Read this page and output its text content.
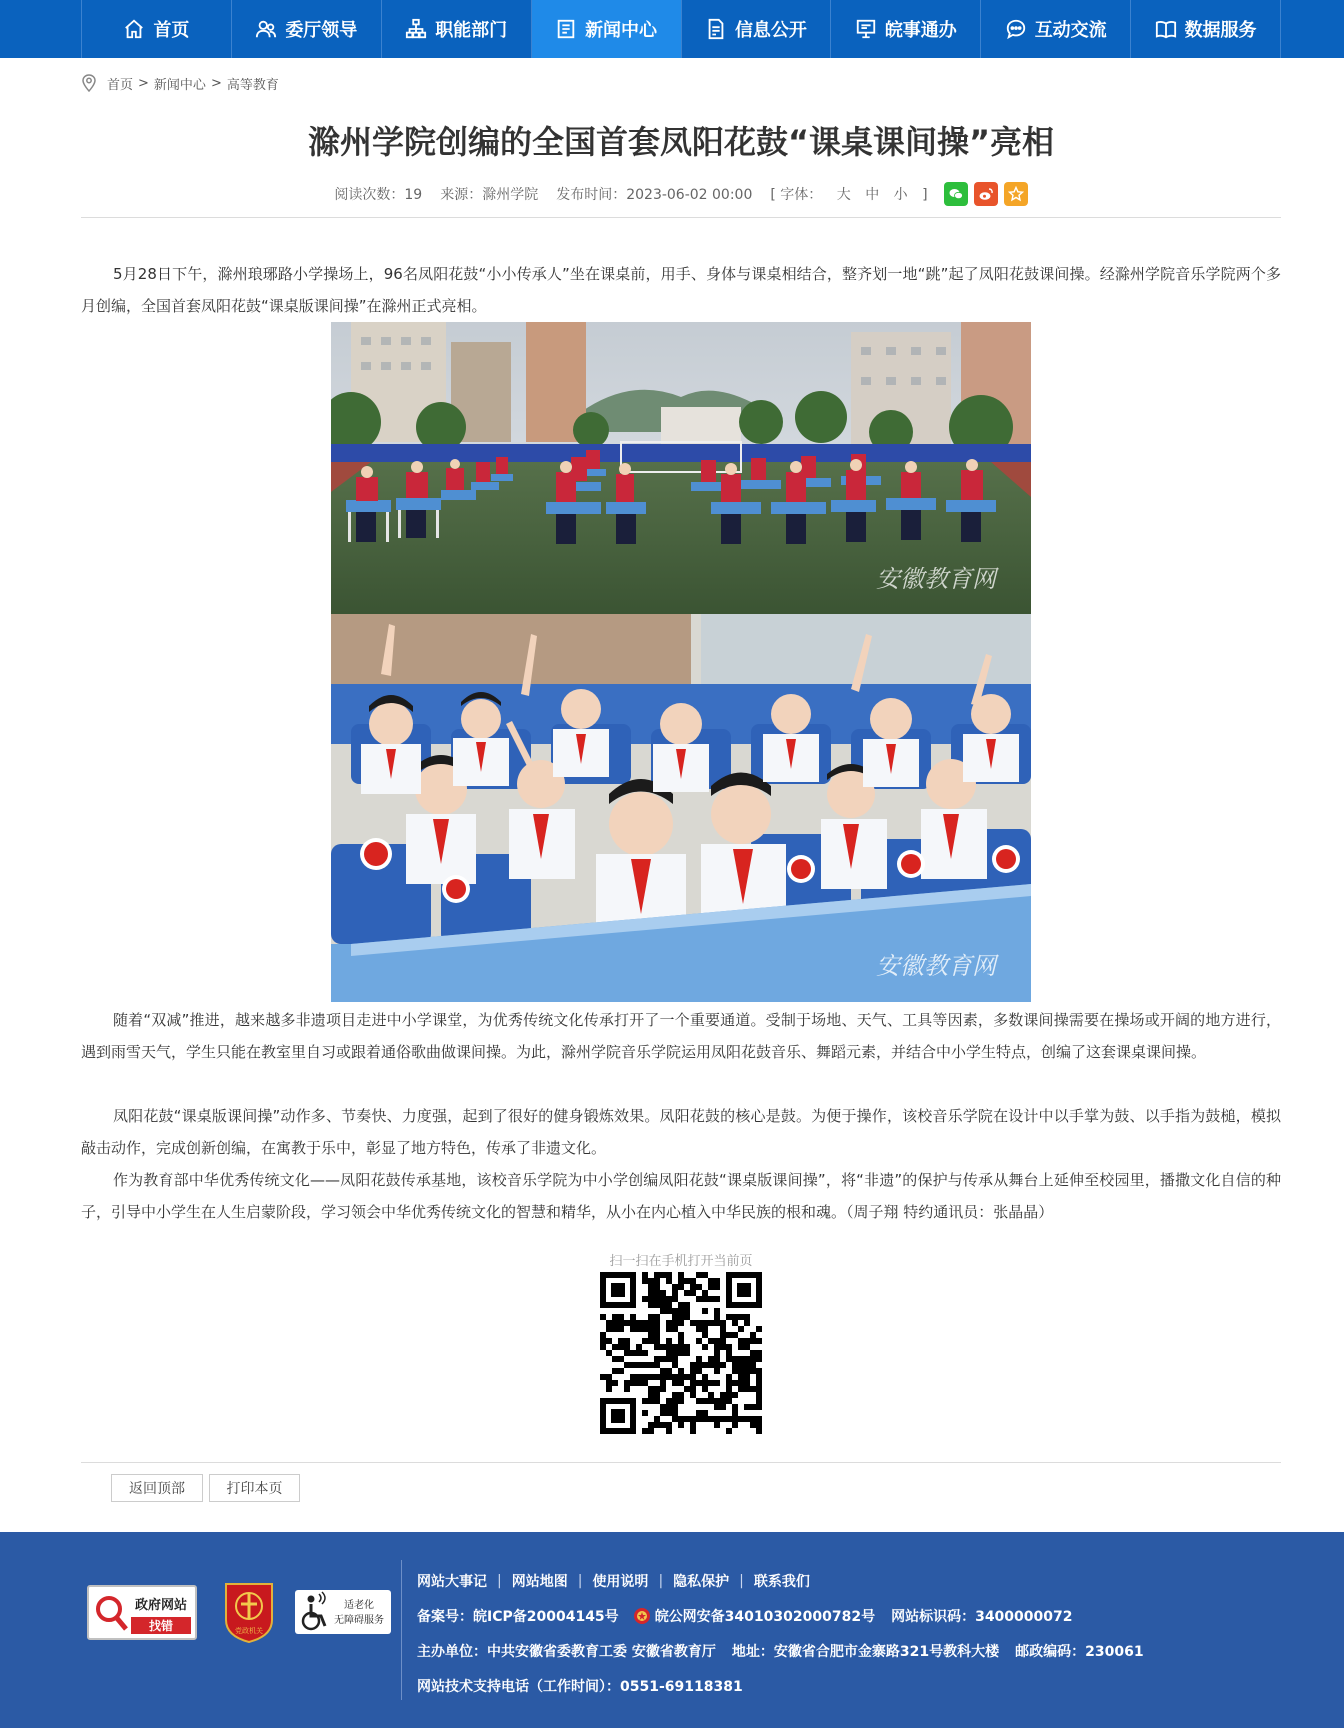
首页	委厅领导	职能部门	新闻中心	信息公开	皖事通办	互动交流	数据服务
首页 > 新闻中心 > 高等教育
滁州学院创编的全国首套凤阳花鼓“课桌课间操”亮相
阅读次数：19 来源：滁州学院 发布时间：2023-06-02 00:00 [ 字体： 大 中 小 ]
5月28日下午，滁州琅琊路小学操场上，96名凤阳花鼓“小小传承人”坐在课桌前，用手、身体与课桌相结合，整齐划一地“跳”起了凤阳花鼓课间操。经滁州学院音乐学院两个多月创编，全国首套凤阳花鼓“课桌版课间操”在滁州正式亮相。
安徽教育网
安徽教育网
随着“双减”推进，越来越多非遗项目走进中小学课堂，为优秀传统文化传承打开了一个重要通道。受制于场地、天气、工具等因素，多数课间操需要在操场或开阔的地方进行，遇到雨雪天气，学生只能在教室里自习或跟着通俗歌曲做课间操。为此，滁州学院音乐学院运用凤阳花鼓音乐、舞蹈元素，并结合中小学生特点，创编了这套课桌课间操。
凤阳花鼓“课桌版课间操”动作多、节奏快、力度强，起到了很好的健身锻炼效果。凤阳花鼓的核心是鼓。为便于操作，该校音乐学院在设计中以手掌为鼓、以手指为鼓槌，模拟敲击动作，完成创新创编，在寓教于乐中，彰显了地方特色，传承了非遗文化。
作为教育部中华优秀传统文化——凤阳花鼓传承基地，该校音乐学院为中小学创编凤阳花鼓“课桌版课间操”，将“非遗”的保护与传承从舞台上延伸至校园里，播撒文化自信的种子，引导中小学生在人生启蒙阶段，学习领会中华优秀传统文化的智慧和精华，从小在内心植入中华民族的根和魂。（周子翔 特约通讯员：张晶晶）
扫一扫在手机打开当前页
返回顶部	打印本页
政府网站
找错	党政机关
适老化
无障碍服务
网站大事记 | 网站地图 | 使用说明 | 隐私保护 | 联系我们
备案号：皖ICP备20004145号	皖公网安备34010302000782号 网站标识码：3400000072
主办单位：中共安徽省委教育工委 安徽省教育厅 地址：安徽省合肥市金寨路321号教科大楼 邮政编码：230061
网站技术支持电话（工作时间）：0551-69118381
